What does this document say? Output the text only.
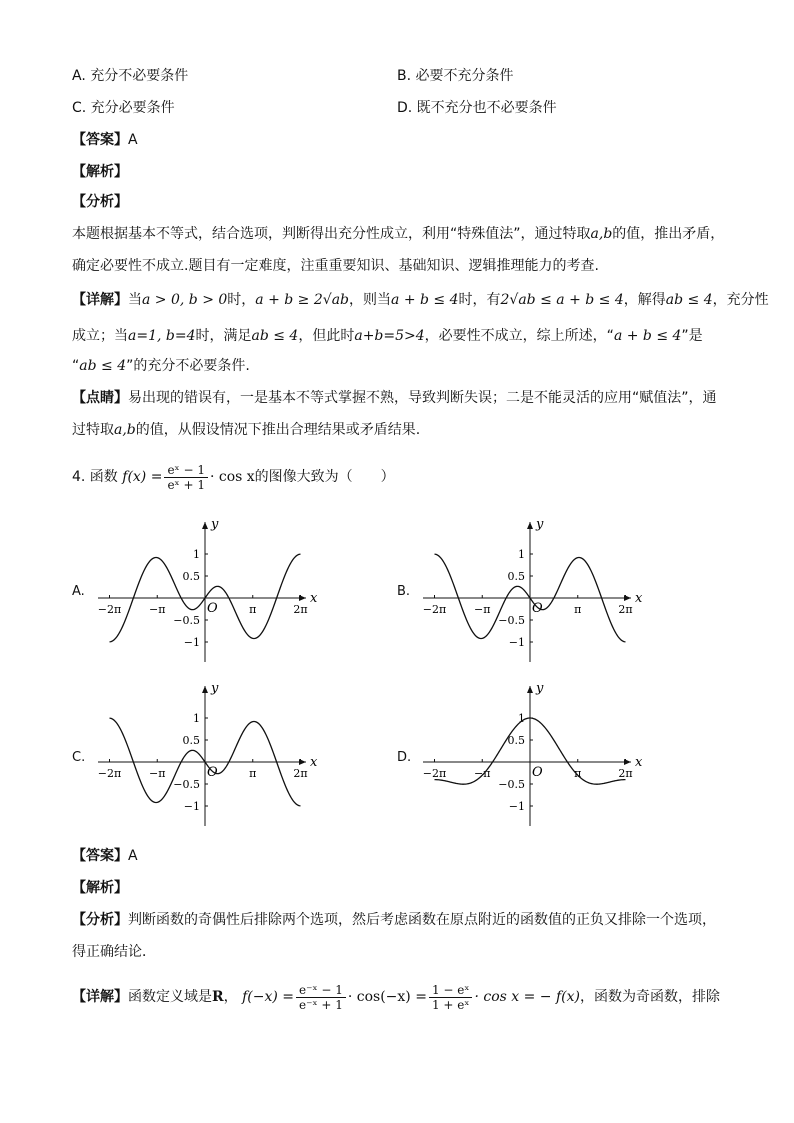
A. 充分不必要条件	B. 必要不充分条件
C. 充分必要条件	D. 既不充分也不必要条件
【答案】A
【解析】
【分析】
本题根据基本不等式，结合选项，判断得出充分性成立，利用“特殊值法”，通过特取a,b的值，推出矛盾，
确定必要性不成立.题目有一定难度，注重重要知识、基础知识、逻辑推理能力的考查.
【详解】当a > 0, b > 0时，a + b ≥ 2√ab，则当a + b ≤ 4时，有2√ab ≤ a + b ≤ 4，解得ab ≤ 4，充分性
成立；当a=1, b=4时，满足ab ≤ 4，但此时a+b=5>4，必要性不成立，综上所述，“a + b ≤ 4”是
“ab ≤ 4”的充分不必要条件.
【点睛】易出现的错误有，一是基本不等式掌握不熟，导致判断失误；二是不能灵活的应用“赋值法”，通
过特取a,b的值，从假设情况下推出合理结果或矛盾结果.
4. 函数 $f(x) = \frac{\text{eˣ − 1}}{\text{eˣ + 1}} \cdot \cos x$的图像大致为（　　）
A.	x
y
O
−2π	−π	π	2π
1
0.5
−0.5
−1
B.	x
y
O
−2π	−π	π	2π
1
0.5
−0.5
−1
C.	x
y
O
−2π	−π	π	2π
1
0.5
−0.5
−1
D.	x
y
O
−2π	−π	π	2π
1
0.5
−0.5
−1
【答案】A
【解析】
【分析】判断函数的奇偶性后排除两个选项，然后考虑函数在原点附近的函数值的正负又排除一个选项，
得正确结论．
【详解】函数定义域是R， $f(-x) = \frac{\text{e⁻ˣ − 1}}{\text{e⁻ˣ + 1}} \cdot \cos(-x) = \frac{\text{1 − eˣ}}{\text{1 + eˣ}} \cdot \cos x$ = − f(x)，函数为奇函数，排除
